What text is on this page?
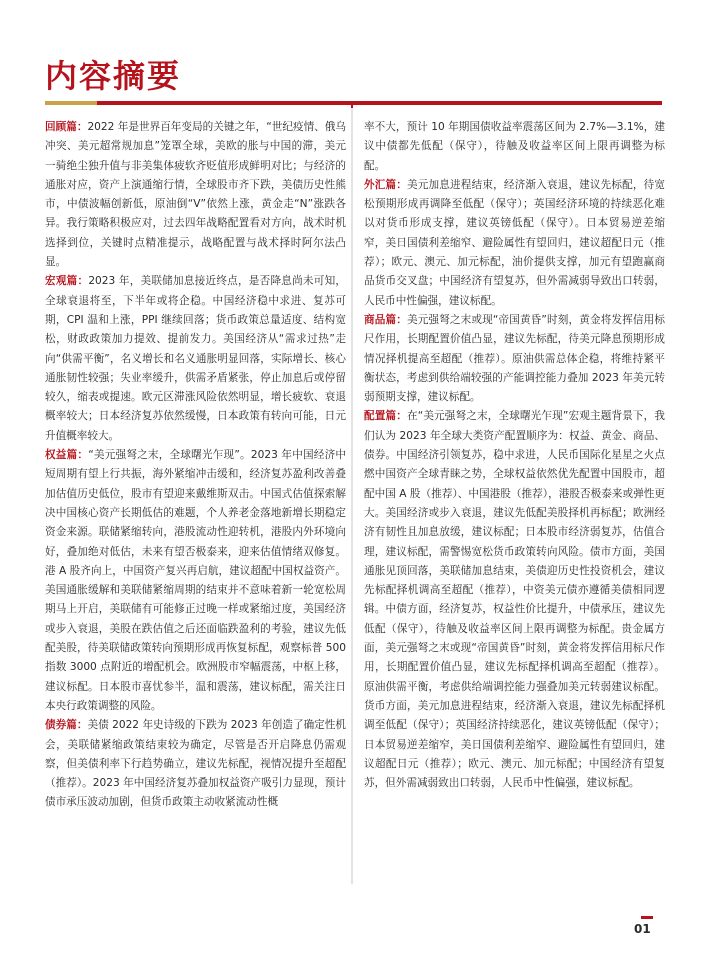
内容摘要

回顾篇：2022 年是世界百年变局的关键之年，“世纪疫情、俄乌冲突、美元超常规加息”笼罩全球，美欧的胀与中国的滞，美元一骑绝尘独升值与非美集体疲软齐贬值形成鲜明对比；与经济的通胀对应，资产上演通缩行情，全球股市齐下跌，美债历史性熊市，中债波幅创新低，原油倒“V”依然上涨，黄金走“N”涨跌各异。我行策略积极应对，过去四年战略配置看对方向，战术时机选择到位，关键时点精准提示，战略配置与战术择时阿尔法凸显。

宏观篇：2023 年，美联储加息接近终点，是否降息尚未可知，全球衰退将至，下半年或将企稳。中国经济稳中求进、复苏可期，CPI 温和上涨，PPI 继续回落；货币政策总量适度、结构宽松，财政政策加力提效、提前发力。美国经济从“需求过热”走向“供需平衡”，名义增长和名义通胀明显回落，实际增长、核心通胀韧性较强；失业率缓升，供需矛盾紧张，停止加息后或停留较久，缩表或提速。欧元区滞涨风险依然明显，增长疲软、衰退概率较大；日本经济复苏依然缓慢，日本政策有转向可能，日元升值概率较大。

权益篇：“美元强弩之末，全球曙光乍现”。2023 年中国经济中短周期有望上行共振，海外紧缩冲击缓和，经济复苏盈利改善叠加估值历史低位，股市有望迎来戴维斯双击。中国式估值探索解决中国核心资产长期低估的难题，个人养老金落地新增长期稳定资金来源。联储紧缩转向，港股流动性迎转机，港股内外环境向好，叠加绝对低估，未来有望否极泰来，迎来估值情绪双修复。港 A 股齐向上，中国资产复兴再启航，建议超配中国权益资产。美国通胀缓解和美联储紧缩周期的结束并不意味着新一轮宽松周期马上开启，美联储有可能修正过晚一样或紧缩过度，美国经济或步入衰退，美股在跌估值之后还面临跌盈利的考验，建议先低配美股，待美联储政策转向预期形成再恢复标配，观察标普 500 指数 3000 点附近的增配机会。欧洲股市窄幅震荡，中枢上移，建议标配。日本股市喜忧参半，温和震荡，建议标配，需关注日本央行政策调整的风险。

债券篇：美债 2022 年史诗级的下跌为 2023 年创造了确定性机会，美联储紧缩政策结束较为确定，尽管是否开启降息仍需观察，但美债利率下行趋势确立，建议先标配，视情况提升至超配（推荐）。2023 年中国经济复苏叠加权益资产吸引力显现，预计债市承压波动加剧，但货币政策主动收紧流动性概

率不大，预计 10 年期国债收益率震荡区间为 2.7%—3.1%，建议中债都先低配（保守），待触及收益率区间上限再调整为标配。

外汇篇：美元加息进程结束，经济渐入衰退，建议先标配，待宽松预期形成再调降至低配（保守）；英国经济环境的持续恶化难以对货币形成支撑，建议英镑低配（保守）。日本贸易逆差缩窄，美日国债利差缩窄、避险属性有望回归，建议超配日元（推荐）；欧元、澳元、加元标配，油价提供支撑，加元有望跑赢商品货币交叉盘；中国经济有望复苏，但外需减弱导致出口转弱，人民币中性偏强，建议标配。

商品篇：美元强弩之末或现“帝国黄昏”时刻，黄金将发挥信用标尺作用，长期配置价值凸显，建议先标配，待美元降息预期形成情况择机提高至超配（推荐）。原油供需总体企稳，将维持紧平衡状态，考虑到供给端较强的产能调控能力叠加 2023 年美元转弱预期支撑，建议标配。

配置篇：在“美元强弩之末，全球曙光乍现”宏观主题背景下，我们认为 2023 年全球大类资产配置顺序为：权益、黄金、商品、债券。中国经济引领复苏，稳中求进，人民币国际化星星之火点燃中国资产全球青睐之势，全球权益依然优先配置中国股市，超配中国 A 股（推荐）、中国港股（推荐），港股否极泰来或弹性更大。美国经济或步入衰退，建议先低配美股择机再标配；欧洲经济有韧性且加息放缓，建议标配；日本股市经济弱复苏，估值合理，建议标配，需警惕宽松货币政策转向风险。债市方面，美国通胀见顶回落，美联储加息结束，美债迎历史性投资机会，建议先标配择机调高至超配（推荐），中资美元债亦遵循美债相同逻辑。中债方面，经济复苏，权益性价比提升，中债承压，建议先低配（保守），待触及收益率区间上限再调整为标配。贵金属方面，美元强弩之末或现“帝国黄昏”时刻，黄金将发挥信用标尺作用，长期配置价值凸显，建议先标配择机调高至超配（推荐）。原油供需平衡，考虑供给端调控能力强叠加美元转弱建议标配。货币方面，美元加息进程结束，经济渐入衰退，建议先标配择机调至低配（保守）；英国经济持续恶化，建议英镑低配（保守）；日本贸易逆差缩窄，美日国债利差缩窄、避险属性有望回归，建议超配日元（推荐）；欧元、澳元、加元标配；中国经济有望复苏，但外需减弱致出口转弱，人民币中性偏强，建议标配。

01
